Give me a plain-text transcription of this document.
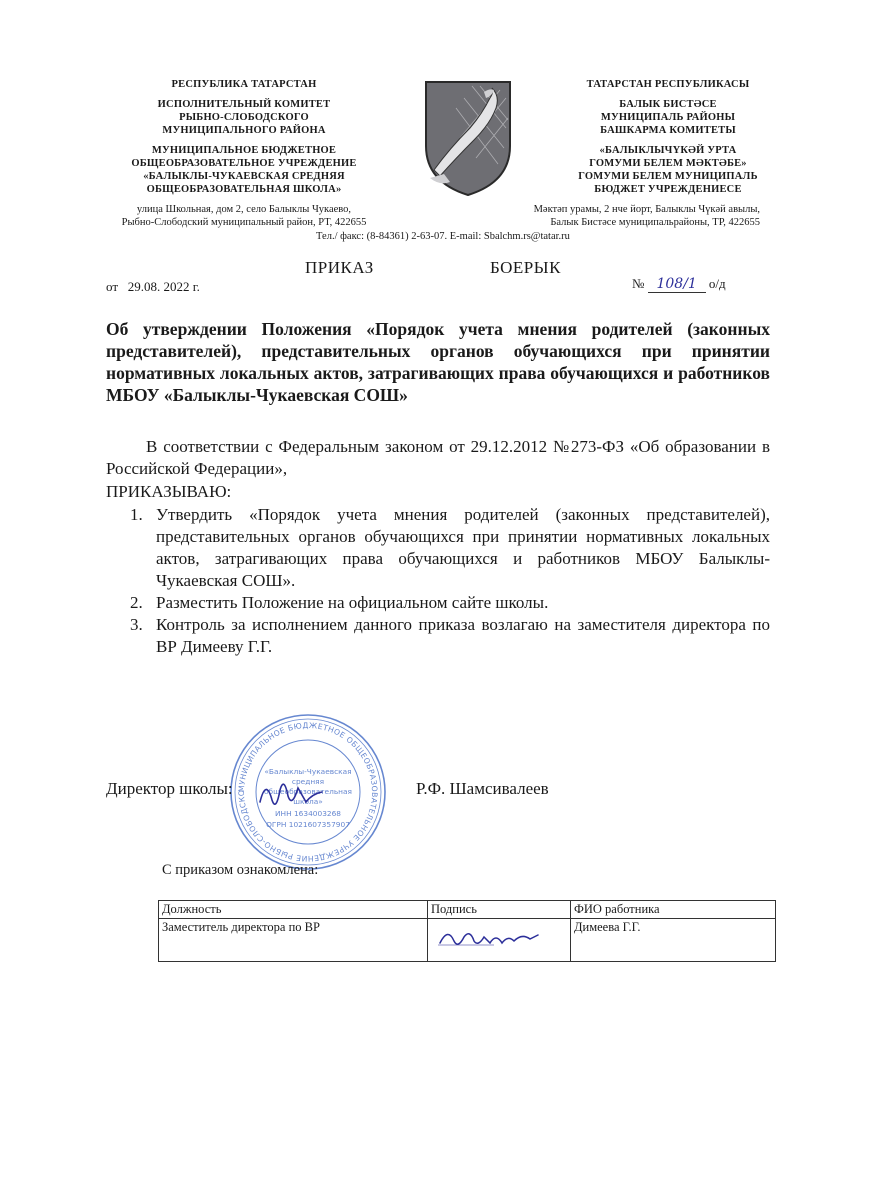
РЕСПУБЛИКА ТАТАРСТАН
ИСПОЛНИТЕЛЬНЫЙ КОМИТЕТ
РЫБНО-СЛОБОДСКОГО
МУНИЦИПАЛЬНОГО РАЙОНА
МУНИЦИПАЛЬНОЕ БЮДЖЕТНОЕ
ОБЩЕОБРАЗОВАТЕЛЬНОЕ УЧРЕЖДЕНИЕ
«БАЛЫКЛЫ-ЧУКАЕВСКАЯ СРЕДНЯЯ
ОБЩЕОБРАЗОВАТЕЛЬНАЯ ШКОЛА»
улица Школьная, дом 2, село Балыклы Чукаево,
Рыбно-Слободский муниципальный район, РТ, 422655
ТАТАРСТАН РЕСПУБЛИКАСЫ
БАЛЫК БИСТӘСЕ
МУНИЦИПАЛЬ РАЙОНЫ
БАШКАРМА КОМИТЕТЫ
«БАЛЫКЛЫЧҮКӘЙ УРТА
ГОМУМИ БЕЛЕМ МӘКТӘБЕ»
ГОМУМИ БЕЛЕМ МУНИЦИПАЛЬ
БЮДЖЕТ УЧРЕЖДЕНИЕСЕ
Мәктәп урамы, 2 нче йорт, Балыклы Чүкәй авылы,
Балык Бистәсе муниципальрайоны, ТР, 422655
Тел./ факс: (8-84361) 2-63-07. E-mail: Sbalchm.rs@tatar.ru
ПРИКАЗ	БОЕРЫК
от 29.08. 2022 г.	№ 108/1 о/д
Об утверждении Положения «Порядок учета мнения родителей (законных представителей), представительных органов обучающихся при принятии нормативных локальных актов, затрагивающих права обучающихся и работников МБОУ «Балыклы-Чукаевская СОШ»
В соответствии с Федеральным законом от 29.12.2012 №273-ФЗ «Об образовании в Российской Федерации»,
ПРИКАЗЫВАЮ:
1. Утвердить «Порядок учета мнения родителей (законных представителей), представительных органов обучающихся при принятии нормативных локальных актов, затрагивающих права обучающихся и работников МБОУ Балыклы-Чукаевская СОШ».
2. Разместить Положение на официальном сайте школы.
3. Контроль за исполнением данного приказа возлагаю на заместителя директора по ВР Димееву Г.Г.
МУНИЦИПАЛЬНОЕ БЮДЖЕТНОЕ ОБЩЕОБРАЗОВАТЕЛЬНОЕ УЧРЕЖДЕНИЕ РЫБНО-СЛОБОДСКО
«Балыклы-Чукаевская
средняя
общеобразовательная
школа»
ИНН 1634003268
ОГРН 1021607357907
Директор школы:	Р.Ф. Шамсивалеев
С приказом ознакомлена:
Должность	Подпись	ФИО работника
Заместитель директора по ВР		Димеева Г.Г.
